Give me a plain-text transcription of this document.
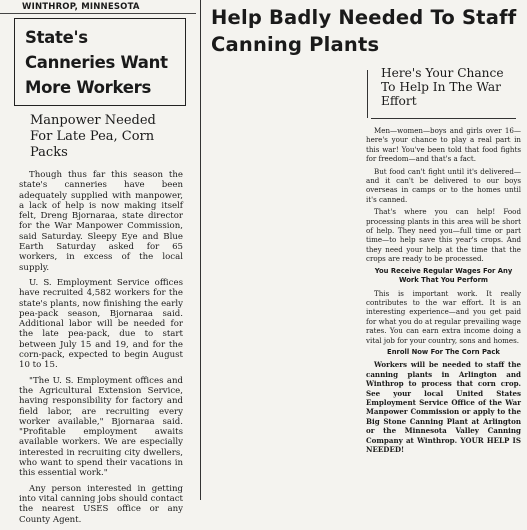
WINTHROP, MINNESOTA
State's Canneries Want More Workers
Manpower Needed For Late Pea, Corn Packs

Though thus far this season the state's canneries have been adequately supplied with manpower, a lack of help is now making itself felt, Dreng Bjornaraa, state director for the War Manpower Commission, said Saturday. Sleepy Eye and Blue Earth Saturday asked for 65 workers, in excess of the local supply.

U. S. Employment Service offices have recruited 4,582 workers for the state's plants, now finishing the early pea-pack season, Bjornaraa said. Additional labor will be needed for the late pea-pack, due to start between July 15 and 19, and for the corn-pack, expected to begin August 10 to 15.

"The U. S. Employment offices and the Agricultural Extension Service, having responsibility for factory and field labor, are recruiting every worker available," Bjornaraa said. "Profitable employment awaits available workers. We are especially interested in recruiting city dwellers, who want to spend their vacations in this essential work."

Any person interested in getting into vital canning jobs should contact the nearest USES office or any County Agent.

Help Badly Needed To Staff Canning Plants
Here's Your Chance To Help In The War Effort

Men—women—boys and girls over 16—here's your chance to play a real part in this war! You've been told that food fights for freedom—and that's a fact.

But food can't fight until it's delivered—and it can't be delivered to our boys overseas in camps or to the homes until it's canned.

That's where you can help! Food processing plants in this area will be short of help. They need you—full time or part time—to help save this year's crops. And they need your help at the time that the crops are ready to be processed.

You Receive Regular Wages For Any Work That You Perform

This is important work. It really contributes to the war effort. It is an interesting experience—and you get paid for what you do at regular prevailing wage rates. You can earn extra income doing a vital job for your country, sons and homes.

Enroll Now For The Corn Pack

Workers will be needed to staff the canning plants in Arlington and Winthrop to process that corn crop. See your local United States Employment Service Office of the War Manpower Commission or apply to the Big Stone Canning Plant at Arlington or the Minnesota Valley Canning Company at Winthrop. YOUR HELP IS NEEDED!
